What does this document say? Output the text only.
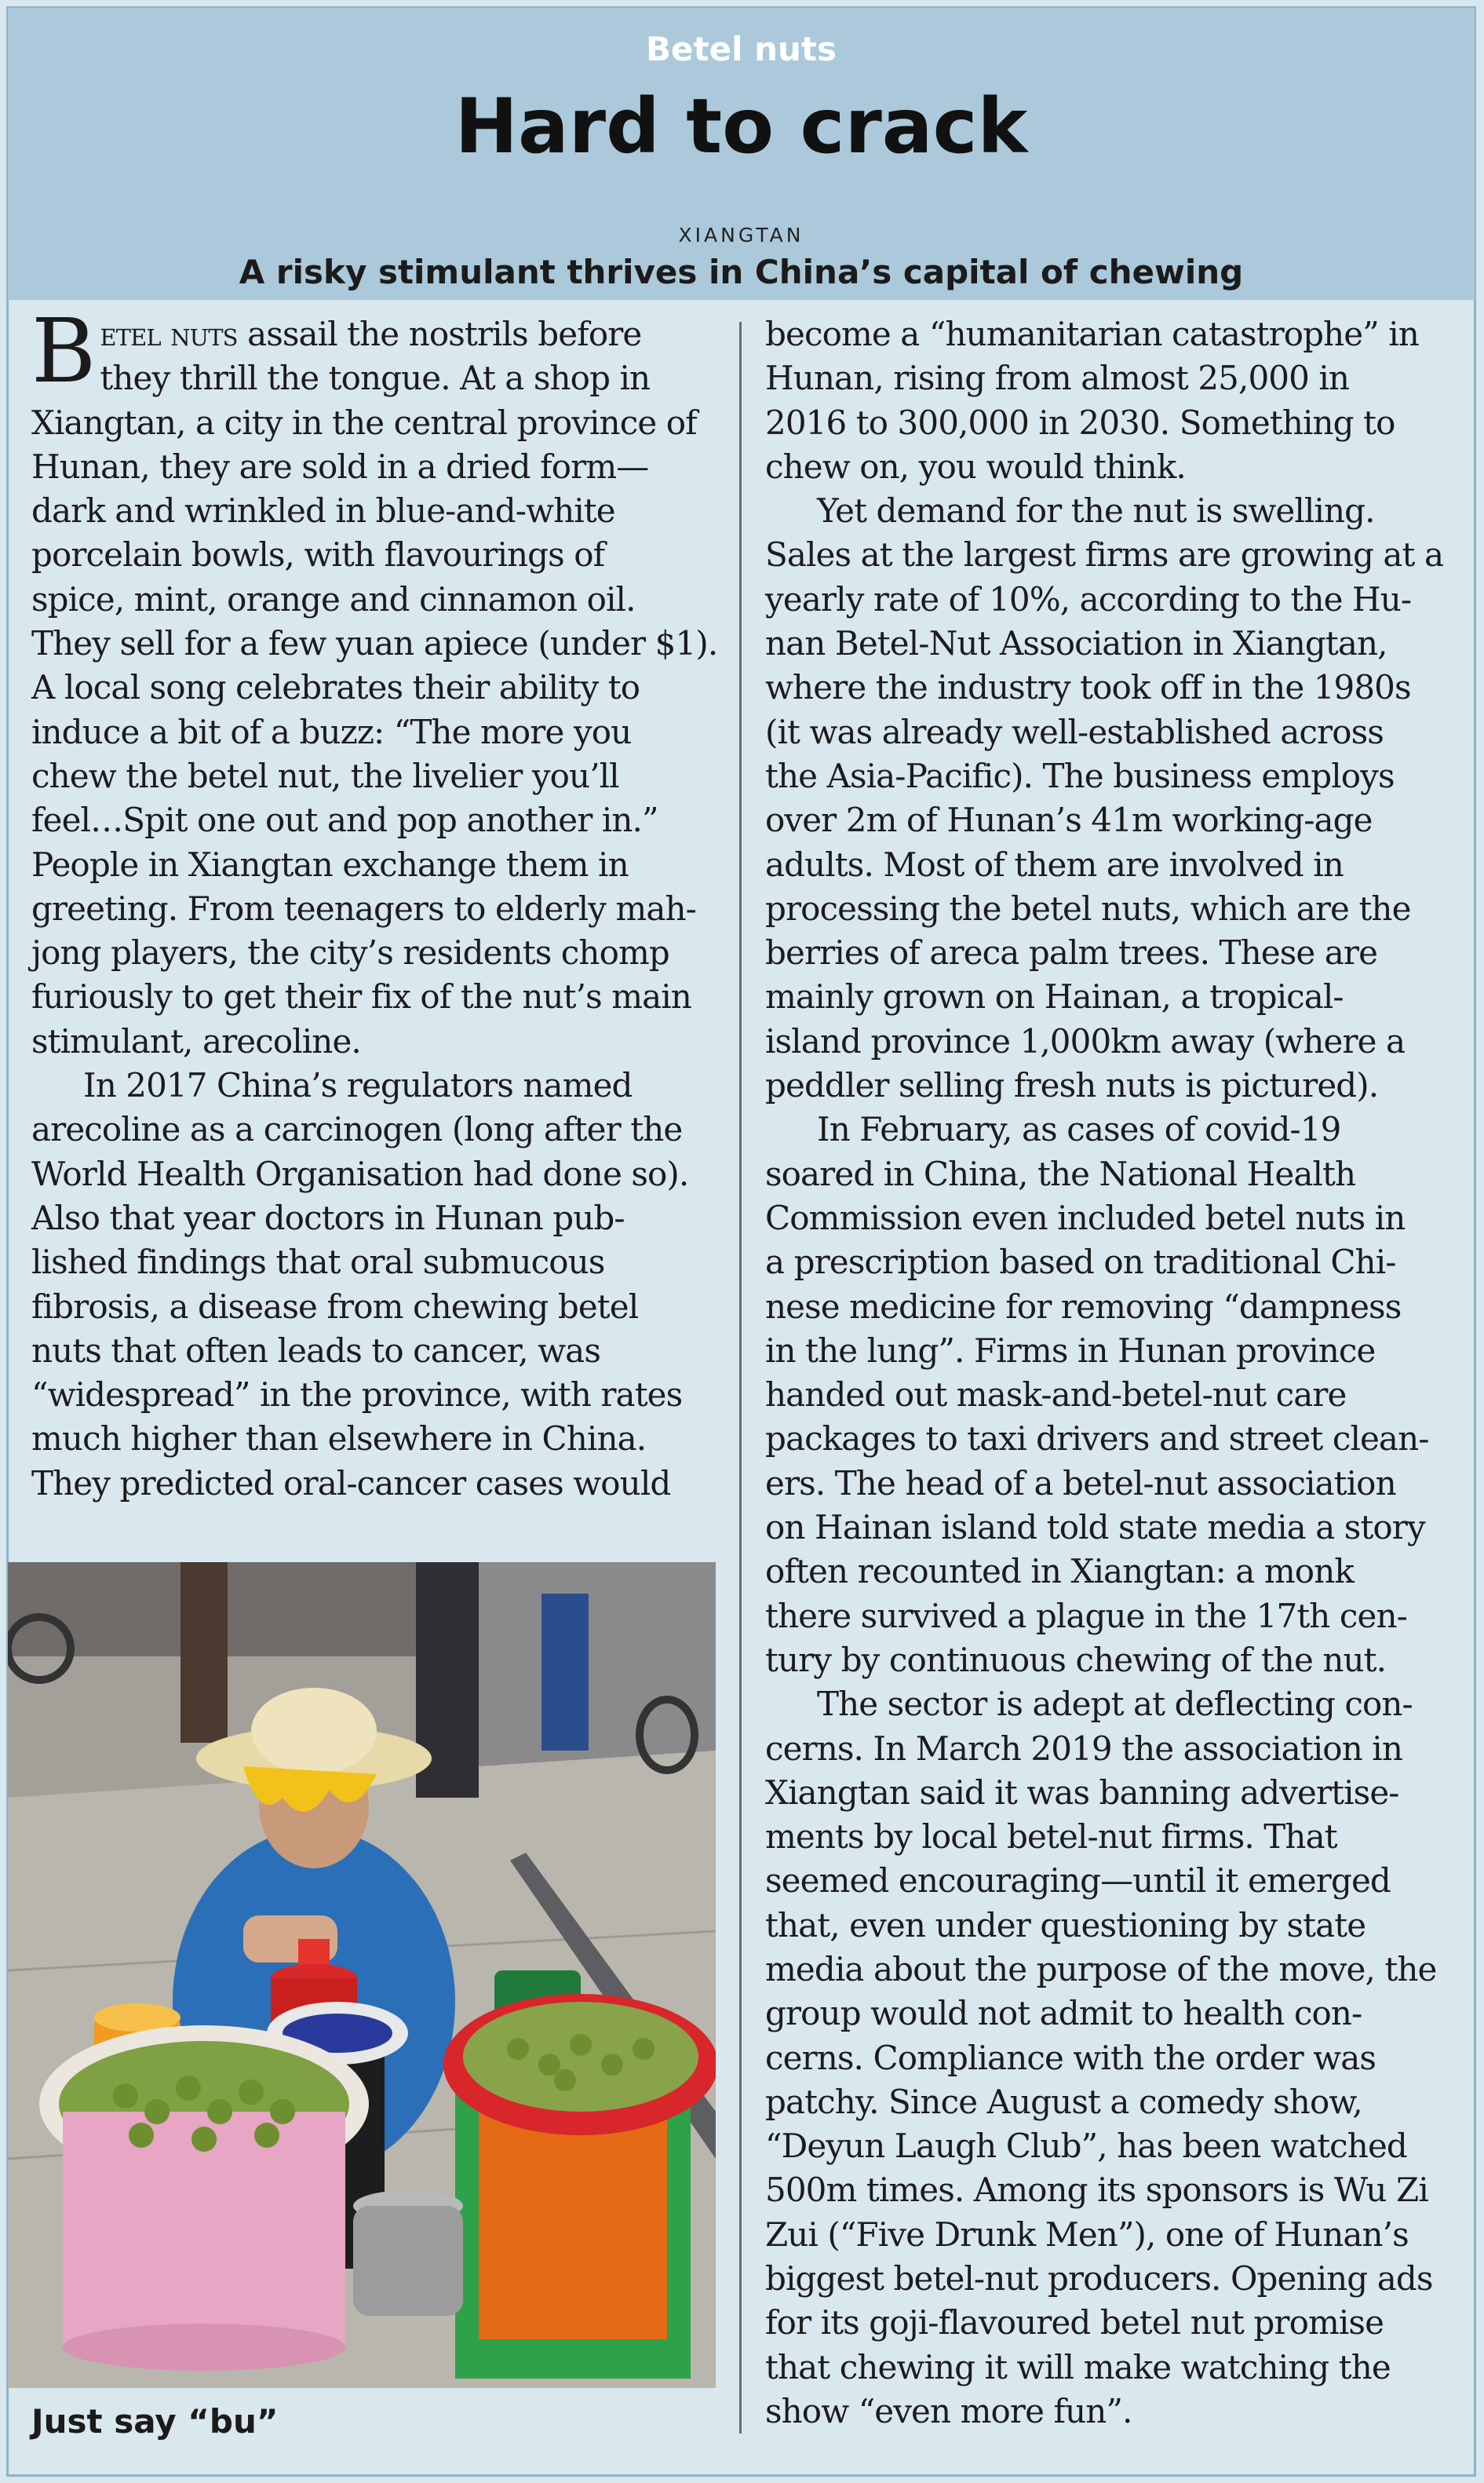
Betel nuts
Hard to crack
XIANGTAN
A risky stimulant thrives in China’s capital of chewing
B etel nuts assail the nostrils before
they thrill the tongue. At a shop in
Xiangtan, a city in the central province of
Hunan, they are sold in a dried form—
dark and wrinkled in blue-and-white
porcelain bowls, with flavourings of
spice, mint, orange and cinnamon oil.
They sell for a few yuan apiece (under $1).
A local song celebrates their ability to
induce a bit of a buzz: “The more you
chew the betel nut, the livelier you’ll
feel…Spit one out and pop another in.”
People in Xiangtan exchange them in
greeting. From teenagers to elderly mah-
jong players, the city’s residents chomp
furiously to get their fix of the nut’s main
stimulant, arecoline.
In 2017 China’s regulators named
arecoline as a carcinogen (long after the
World Health Organisation had done so).
Also that year doctors in Hunan pub-
lished findings that oral submucous
fibrosis, a disease from chewing betel
nuts that often leads to cancer, was
“widespread” in the province, with rates
much higher than elsewhere in China.
They predicted oral-cancer cases would
become a “humanitarian catastrophe” in
Hunan, rising from almost 25,000 in
2016 to 300,000 in 2030. Something to
chew on, you would think.
Yet demand for the nut is swelling.
Sales at the largest firms are growing at a
yearly rate of 10%, according to the Hu-
nan Betel-Nut Association in Xiangtan,
where the industry took off in the 1980s
(it was already well-established across
the Asia-Pacific). The business employs
over 2m of Hunan’s 41m working-age
adults. Most of them are involved in
processing the betel nuts, which are the
berries of areca palm trees. These are
mainly grown on Hainan, a tropical-
island province 1,000km away (where a
peddler selling fresh nuts is pictured).
In February, as cases of covid-19
soared in China, the National Health
Commission even included betel nuts in
a prescription based on traditional Chi-
nese medicine for removing “dampness
in the lung”. Firms in Hunan province
handed out mask-and-betel-nut care
packages to taxi drivers and street clean-
ers. The head of a betel-nut association
on Hainan island told state media a story
often recounted in Xiangtan: a monk
there survived a plague in the 17th cen-
tury by continuous chewing of the nut.
The sector is adept at deflecting con-
cerns. In March 2019 the association in
Xiangtan said it was banning advertise-
ments by local betel-nut firms. That
seemed encouraging—until it emerged
that, even under questioning by state
media about the purpose of the move, the
group would not admit to health con-
cerns. Compliance with the order was
patchy. Since August a comedy show,
“Deyun Laugh Club”, has been watched
500m times. Among its sponsors is Wu Zi
Zui (“Five Drunk Men”), one of Hunan’s
biggest betel-nut producers. Opening ads
for its goji-flavoured betel nut promise
that chewing it will make watching the
show “even more fun”.
Just say “bu”
